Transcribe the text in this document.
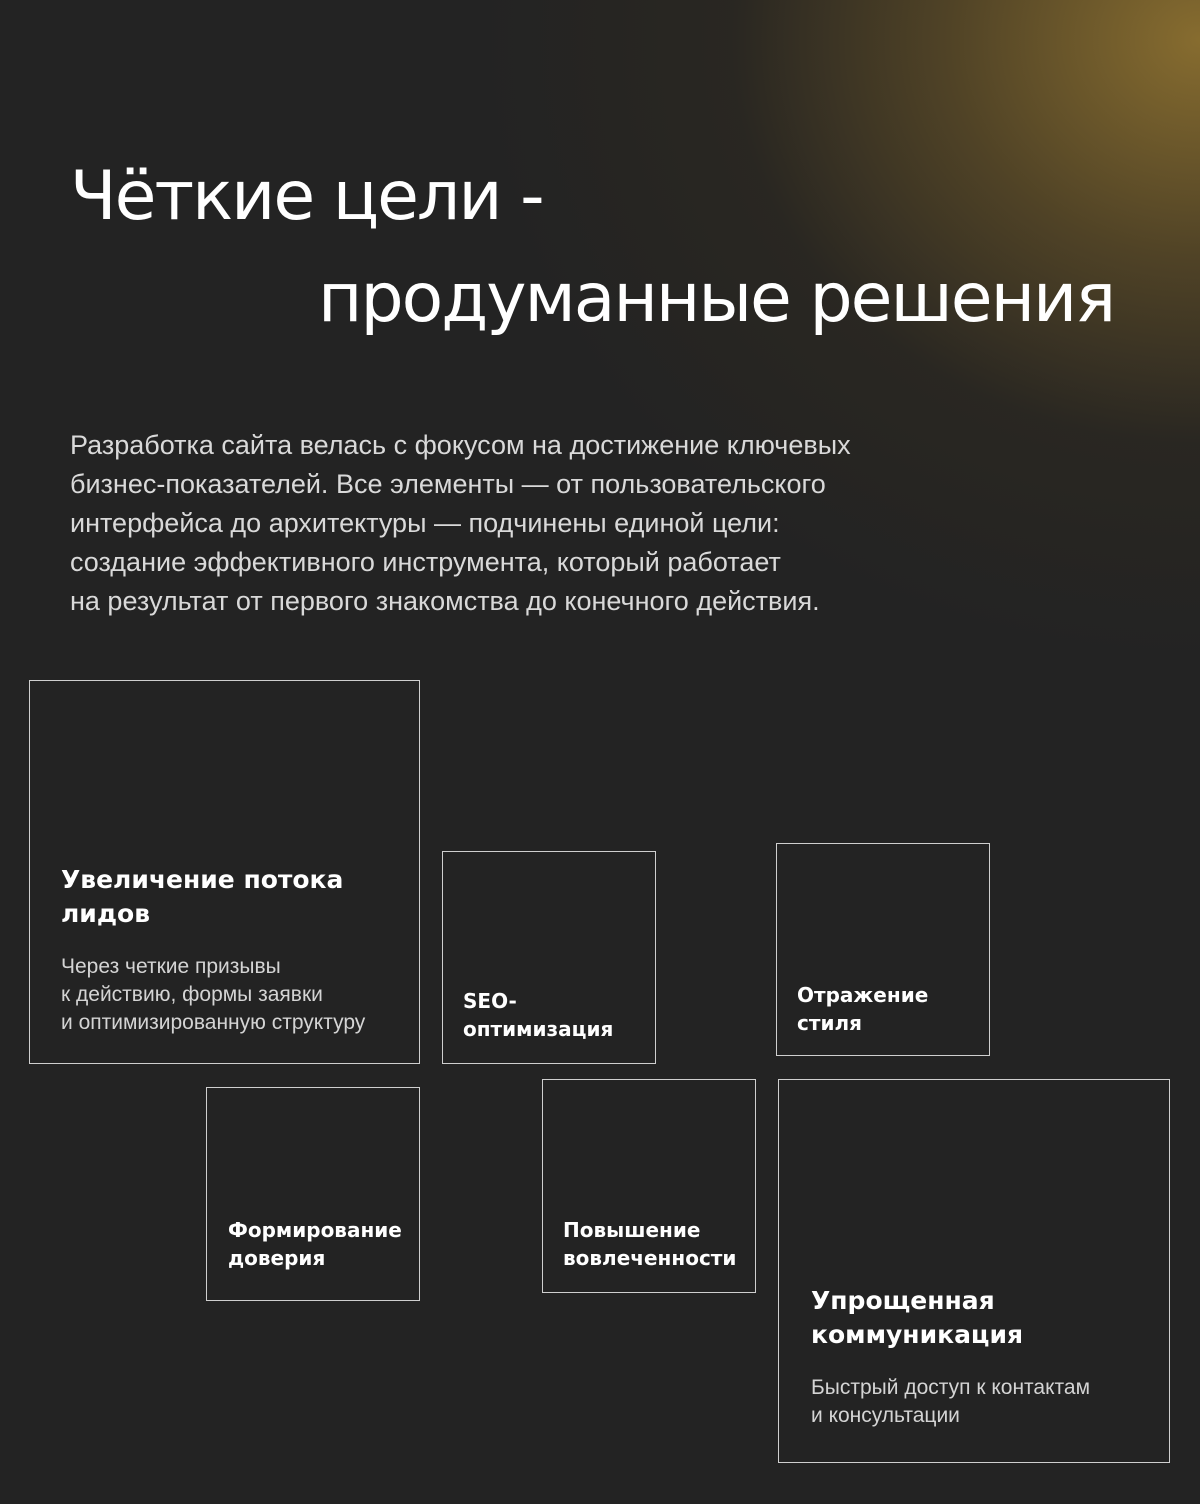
Чёткие цели -
продуманные решения

Разработка сайта велась с фокусом на достижение ключевых
бизнес-показателей. Все элементы — от пользовательского
интерфейса до архитектуры — подчинены единой цели:
создание эффективного инструмента, который работает
на результат от первого знакомства до конечного действия.

Увеличение потока
лидов

Через четкие призывы
к действию, формы заявки
и оптимизированную структуру

SEO-
оптимизация
Отражение
стиля
Формирование
доверия
Повышение
вовлеченности
Упрощенная
коммуникация

Быстрый доступ к контактам
и консультации
